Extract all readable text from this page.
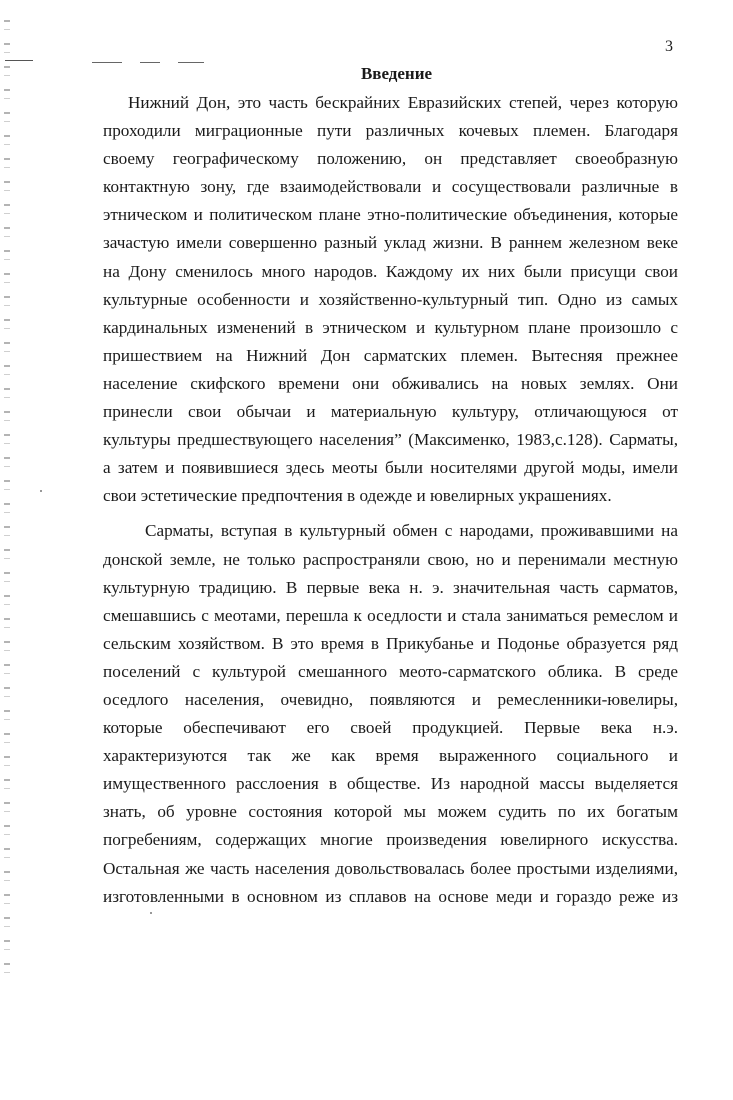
3
Введение
Нижний Дон, это часть бескрайних Евразийских степей, через которую
проходили миграционные пути различных кочевых племен. Благодаря
своему географическому положению, он представляет своеобразную
контактную зону, где взаимодействовали и сосуществовали различные в
этническом и политическом плане этно-политические объединения, которые
зачастую имели совершенно разный уклад жизни. В раннем железном веке
на Дону сменилось много народов. Каждому их них были присущи свои
культурные особенности и хозяйственно-культурный тип. Одно из самых
кардинальных изменений в этническом и культурном плане произошло с
пришествием на Нижний Дон сарматских племен. Вытесняя прежнее
население скифского времени они обживались на новых землях. Они
принесли свои обычаи и материальную культуру, отличающуюся от
культуры предшествующего населения” (Максименко, 1983,с.128). Сарматы,
а затем и появившиеся здесь меоты были носителями другой моды, имели
свои эстетические предпочтения в одежде и ювелирных украшениях.
Сарматы, вступая в культурный обмен с народами, проживавшими на
донской земле, не только распространяли свою, но и перенимали местную
культурную традицию. В первые века н. э. значительная часть сарматов,
смешавшись с меотами, перешла к оседлости и стала заниматься ремеслом и
сельским хозяйством. В это время в Прикубанье и Подонье образуется ряд
поселений с культурой смешанного меото-сарматского облика. В среде
оседлого населения, очевидно, появляются и ремесленники-ювелиры,
которые обеспечивают его своей продукцией. Первые века н.э.
характеризуются так же как время выраженного социального и
имущественного расслоения в обществе. Из народной массы выделяется
знать, об уровне состояния которой мы можем судить по их богатым
погребениям, содержащих многие произведения ювелирного искусства.
Остальная же часть населения довольствовалась более простыми изделиями,
изготовленными в основном из сплавов на основе меди и гораздо реже из
